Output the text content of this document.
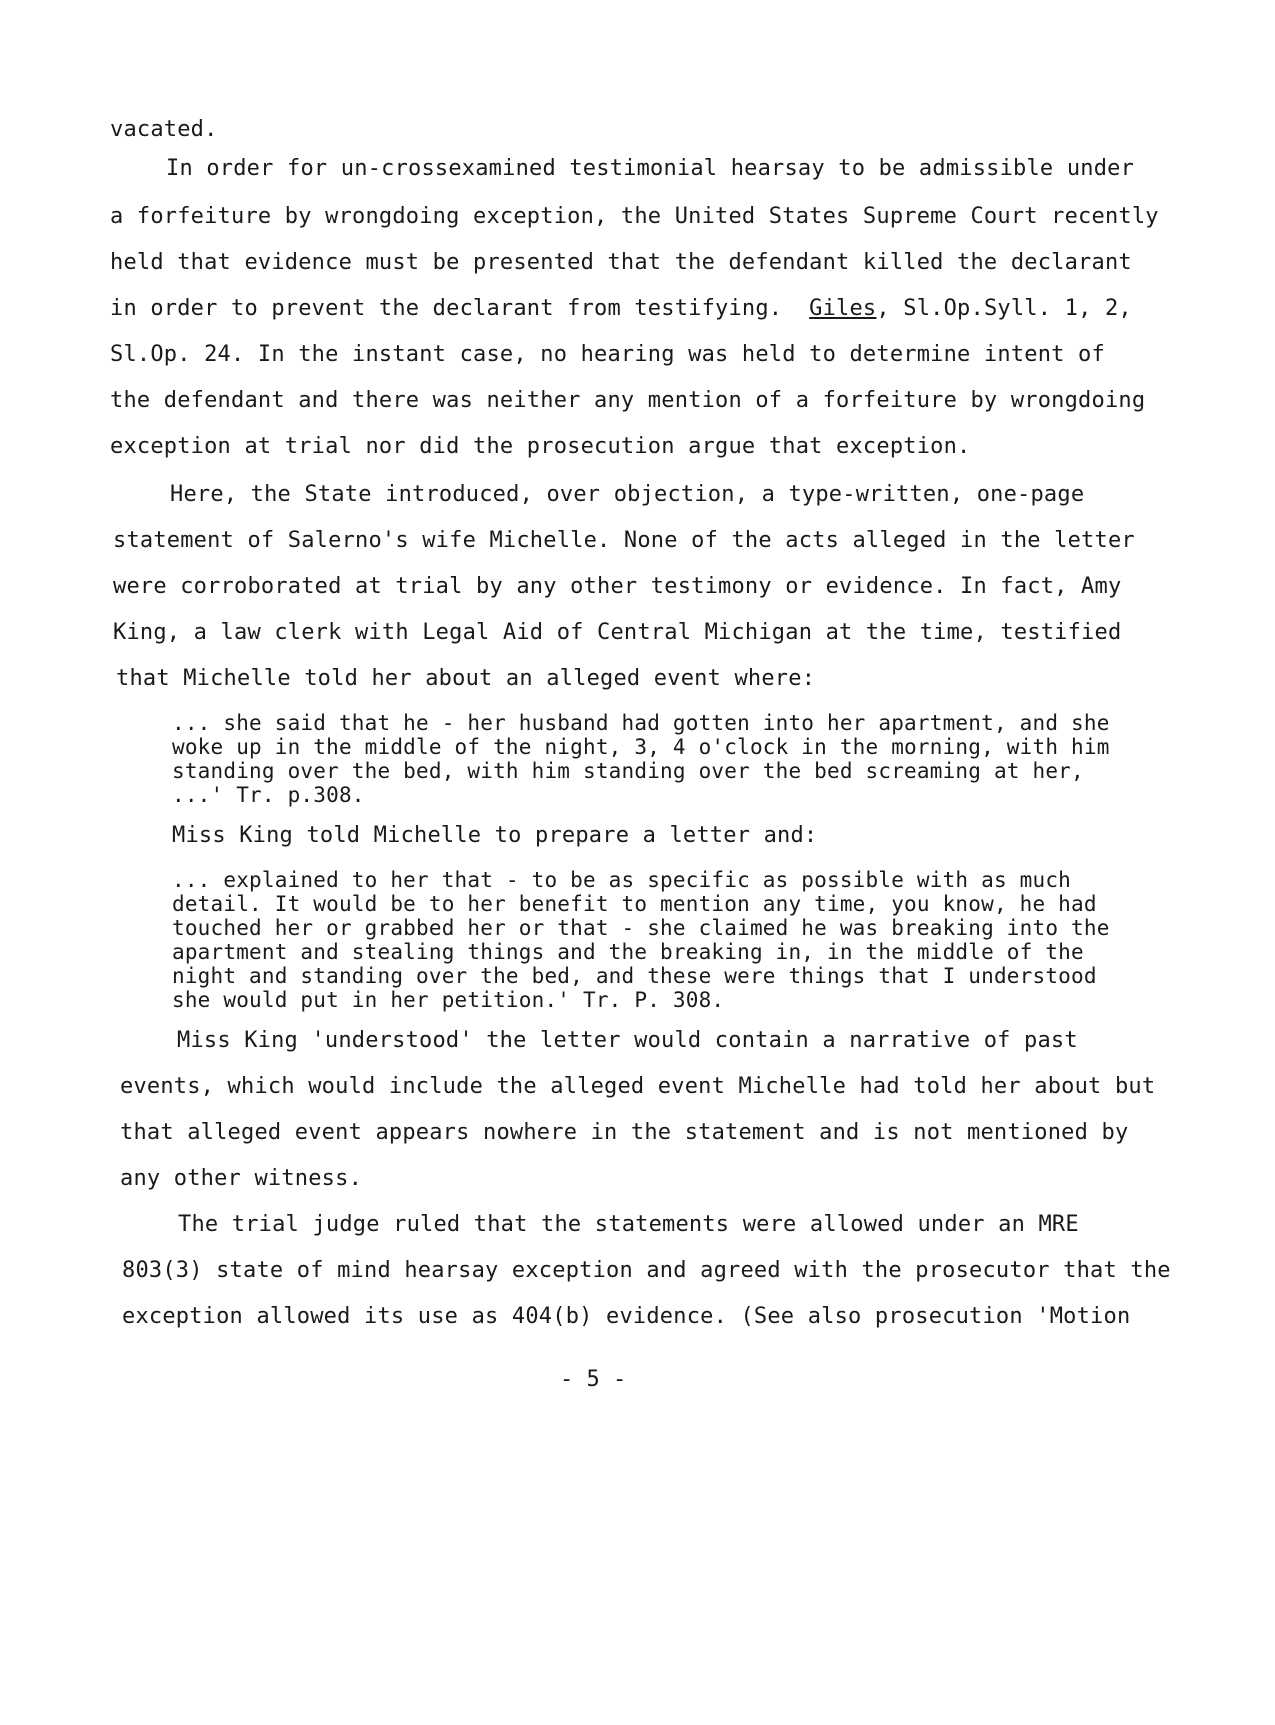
vacated.
In order for un-crossexamined testimonial hearsay to be admissible under
a forfeiture by wrongdoing exception, the United States Supreme Court recently
held that evidence must be presented that the defendant killed the declarant
in order to prevent the declarant from testifying. Giles, Sl.Op.Syll. 1, 2,
Sl.Op. 24. In the instant case, no hearing was held to determine intent of
the defendant and there was neither any mention of a forfeiture by wrongdoing
exception at trial nor did the prosecution argue that exception.
Here, the State introduced, over objection, a type-written, one-page
statement of Salerno's wife Michelle. None of the acts alleged in the letter
were corroborated at trial by any other testimony or evidence. In fact, Amy
King, a law clerk with Legal Aid of Central Michigan at the time, testified
that Michelle told her about an alleged event where:
... she said that he - her husband had gotten into her apartment, and she
woke up in the middle of the night, 3, 4 o'clock in the morning, with him
standing over the bed, with him standing over the bed screaming at her,
...' Tr. p.308.
Miss King told Michelle to prepare a letter and:
... explained to her that - to be as specific as possible with as much
detail. It would be to her benefit to mention any time, you know, he had
touched her or grabbed her or that - she claimed he was breaking into the
apartment and stealing things and the breaking in, in the middle of the
night and standing over the bed, and these were things that I understood
she would put in her petition.' Tr. P. 308.
Miss King 'understood' the letter would contain a narrative of past
events, which would include the alleged event Michelle had told her about but
that alleged event appears nowhere in the statement and is not mentioned by
any other witness.
The trial judge ruled that the statements were allowed under an MRE
803(3) state of mind hearsay exception and agreed with the prosecutor that the
exception allowed its use as 404(b) evidence. (See also prosecution 'Motion
- 5 -
